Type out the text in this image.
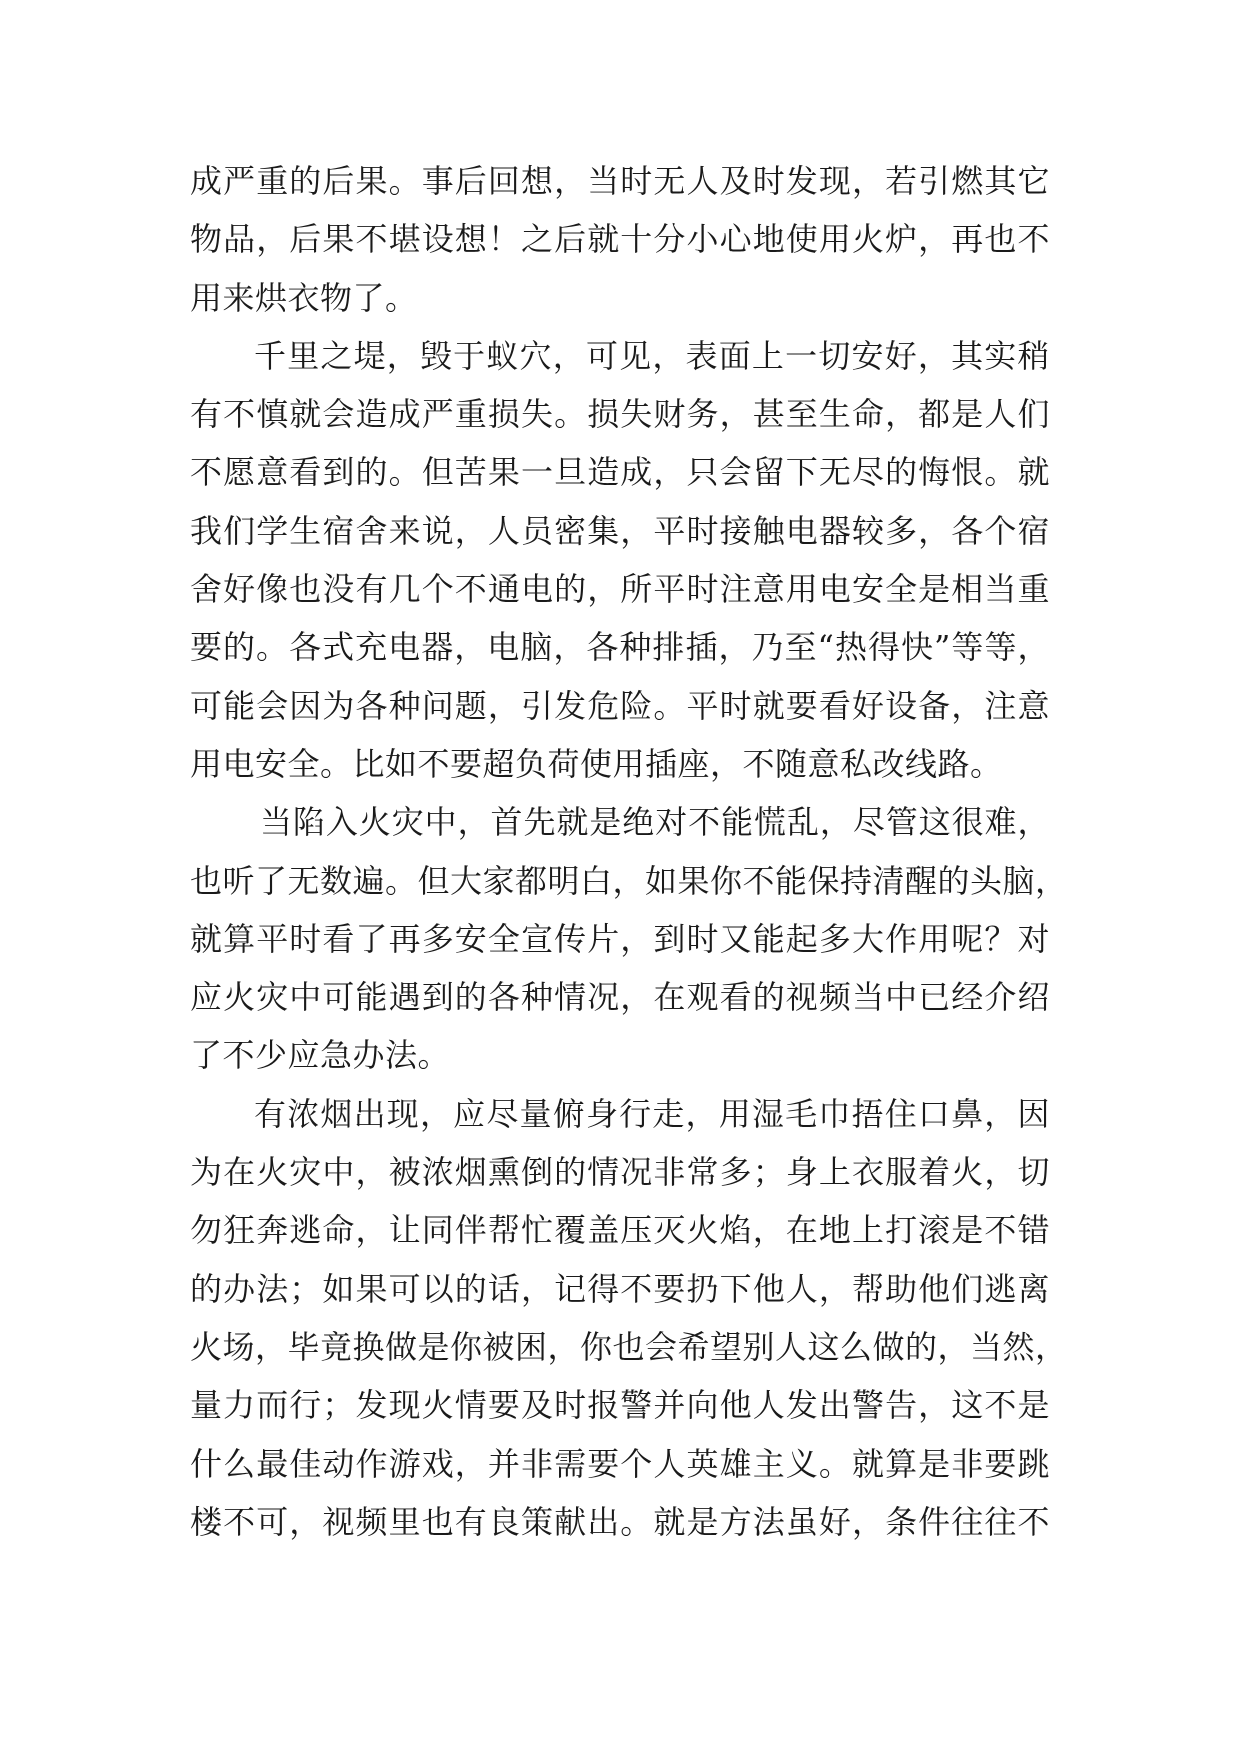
成严重的后果。事后回想，当时无人及时发现，若引燃其它
物品，后果不堪设想！之后就十分小心地使用火炉，再也不
用来烘衣物了。
千里之堤，毁于蚁穴，可见，表面上一切安好，其实稍
有不慎就会造成严重损失。损失财务，甚至生命，都是人们
不愿意看到的。但苦果一旦造成，只会留下无尽的悔恨。就
我们学生宿舍来说，人员密集，平时接触电器较多，各个宿
舍好像也没有几个不通电的，所平时注意用电安全是相当重
要的。各式充电器，电脑，各种排插，乃至“热得快”等等，
可能会因为各种问题，引发危险。平时就要看好设备，注意
用电安全。比如不要超负荷使用插座，不随意私改线路。
当陷入火灾中，首先就是绝对不能慌乱，尽管这很难，
也听了无数遍。但大家都明白，如果你不能保持清醒的头脑，
就算平时看了再多安全宣传片，到时又能起多大作用呢？对
应火灾中可能遇到的各种情况，在观看的视频当中已经介绍
了不少应急办法。
有浓烟出现，应尽量俯身行走，用湿毛巾捂住口鼻，因
为在火灾中，被浓烟熏倒的情况非常多；身上衣服着火，切
勿狂奔逃命，让同伴帮忙覆盖压灭火焰，在地上打滚是不错
的办法；如果可以的话，记得不要扔下他人，帮助他们逃离
火场，毕竟换做是你被困，你也会希望别人这么做的，当然，
量力而行；发现火情要及时报警并向他人发出警告，这不是
什么最佳动作游戏，并非需要个人英雄主义。就算是非要跳
楼不可，视频里也有良策献出。就是方法虽好，条件往往不
